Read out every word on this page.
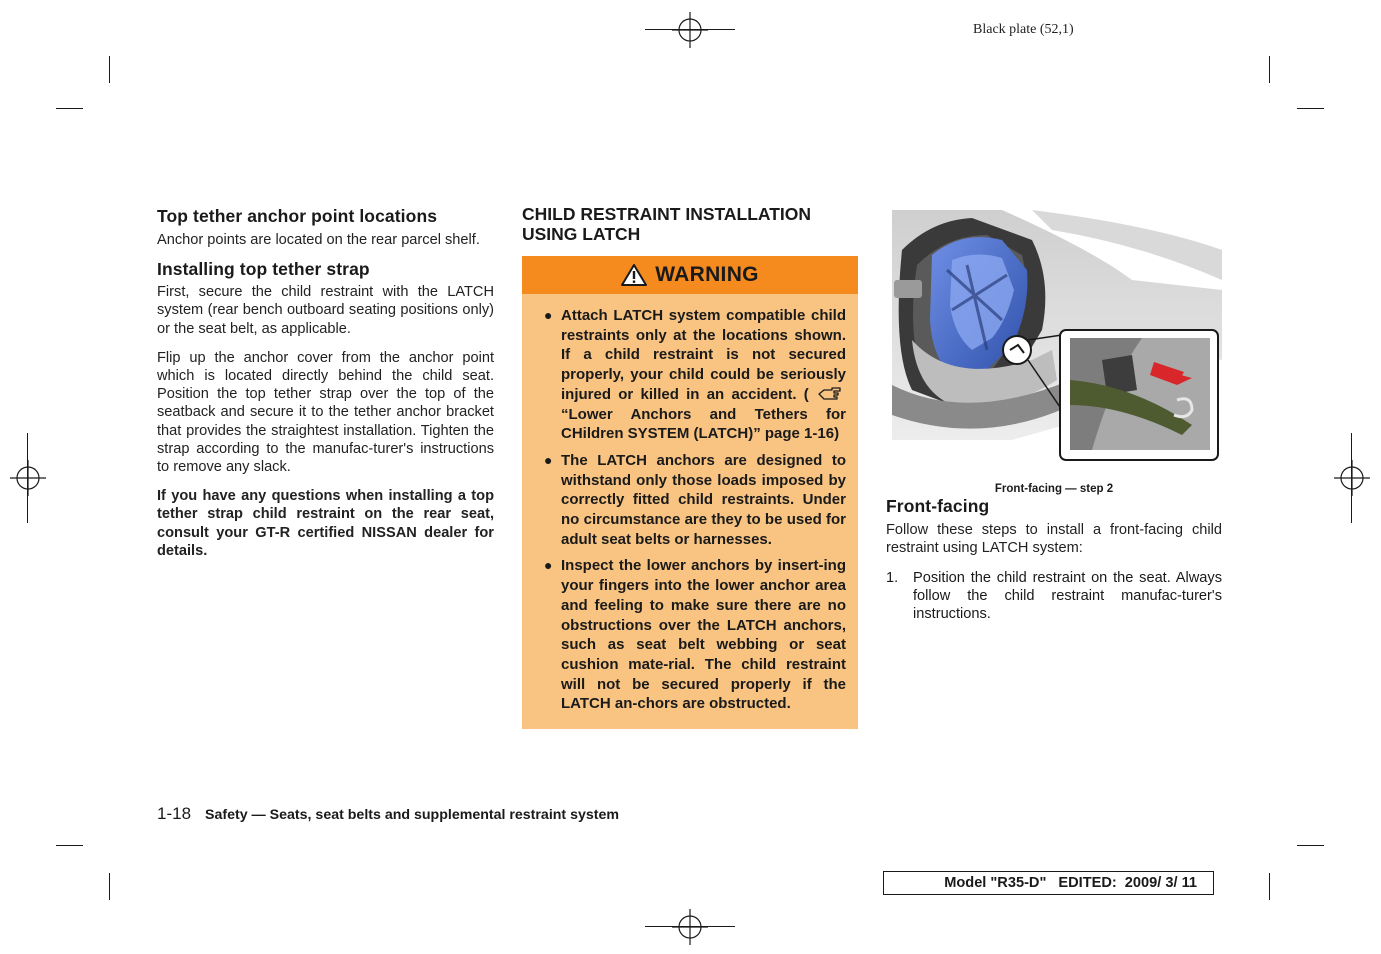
Black plate (52,1)
Top tether anchor point locations

Anchor points are located on the rear parcel shelf.

Installing top tether strap

First, secure the child restraint with the LATCH system (rear bench outboard seating positions only) or the seat belt, as applicable.

Flip up the anchor cover from the anchor point which is located directly behind the child seat. Position the top tether strap over the top of the seatback and secure it to the tether anchor bracket that provides the straightest installation. Tighten the strap according to the manufac-turer's instructions to remove any slack.

If you have any questions when installing a top tether strap child restraint on the rear seat, consult your GT-R certified NISSAN dealer for details.

CHILD RESTRAINT INSTALLATION USING LATCH
WARNING
● Attach LATCH system compatible child restraints only at the locations shown. If a child restraint is not secured properly, your child could be seriously injured or killed in an accident. (  “Lower Anchors and Tethers for CHildren SYSTEM (LATCH)” page 1-16)
● The LATCH anchors are designed to withstand only those loads imposed by correctly fitted child restraints. Under no circumstance are they to be used for adult seat belts or harnesses.
● Inspect the lower anchors by insert-ing your fingers into the lower anchor area and feeling to make sure there are no obstructions over the LATCH anchors, such as seat belt webbing or seat cushion mate-rial. The child restraint will not be secured properly if the LATCH an-chors are obstructed.
Front-facing — step 2
Front-facing

Follow these steps to install a front-facing child restraint using LATCH system:

1.	Position the child restraint on the seat. Always follow the child restraint manufac-turer's instructions.
1-18 Safety — Seats, seat belts and supplemental restraint system
Model "R35-D" EDITED: 2009/ 3/ 11
